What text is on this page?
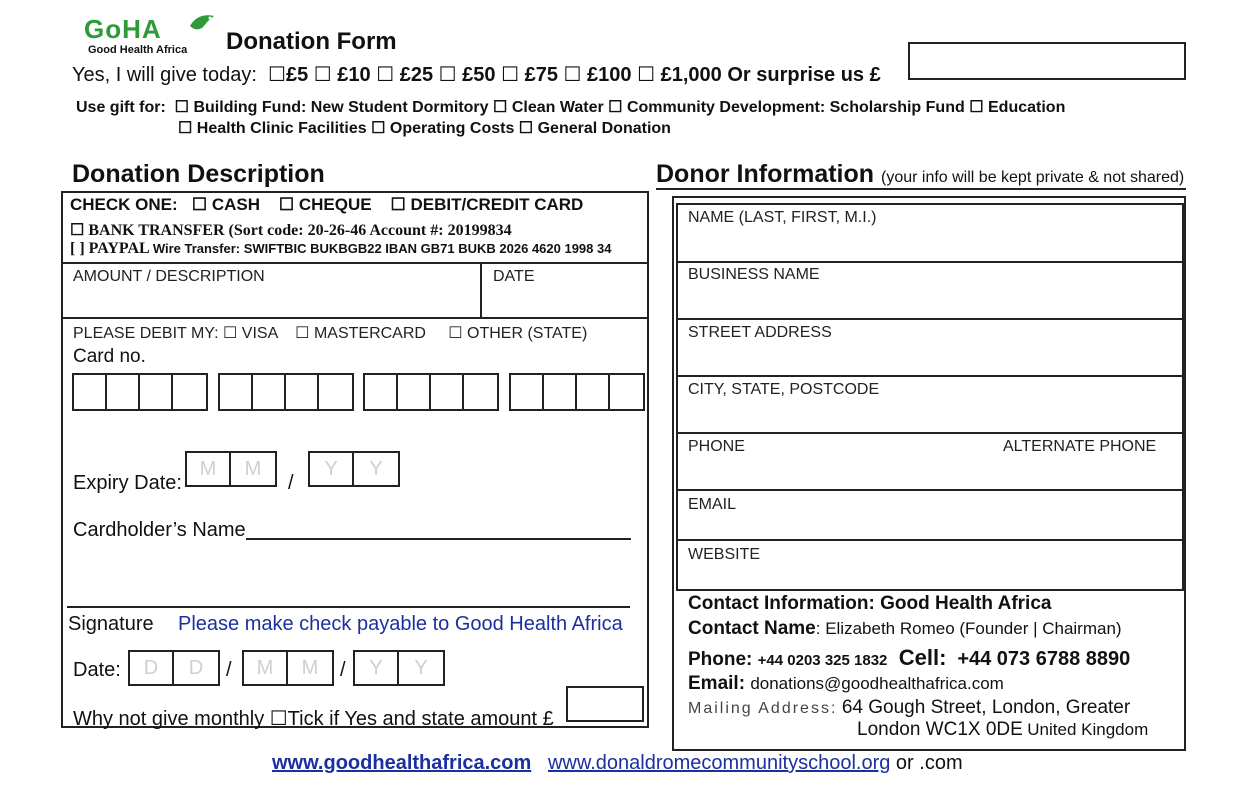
GoHA
Good Health Africa Donation Form
Yes, I will give today:  ☐£5 ☐ £10 ☐ £25 ☐ £50 ☐ £75 ☐ £100 ☐ £1,000 Or surprise us £
Use gift for:  ☐ Building Fund: New Student Dormitory ☐ Clean Water ☐ Community Development: Scholarship Fund ☐ Education
☐ Health Clinic Facilities ☐ Operating Costs ☐ General Donation
Donation Description	Donor Information (your info will be kept private & not shared)
CHECK ONE:   ☐ CASH    ☐ CHEQUE    ☐ DEBIT/CREDIT CARD
☐ BANK TRANSFER (Sort code: 20-26-46 Account #: 20199834
[ ] PAYPAL Wire Transfer: SWIFTBIC BUKBGB22 IBAN GB71 BUKB 2026 4620 1998 34
AMOUNT / DESCRIPTION	DATE
PLEASE DEBIT MY: ☐ VISA    ☐ MASTERCARD     ☐ OTHER (STATE)
Card no.
Expiry Date:
M	M
/
Y	Y
Cardholder’s Name
Signature Please make check payable to Good Health Africa
Date:	D	D	/	M	M	/	Y	Y
Why not give monthly ☐Tick if Yes and state amount £
NAME (LAST, FIRST, M.I.)
BUSINESS NAME
STREET ADDRESS
CITY, STATE, POSTCODE
PHONE	ALTERNATE PHONE
EMAIL
WEBSITE
Contact Information: Good Health Africa
Contact Name: Elizabeth Romeo (Founder | Chairman)
Phone: +44 0203 325 1832 Cell: +44 073 6788 8890
Email: donations@goodhealthafrica.com
Mailing Address: 64 Gough Street, London, Greater
London WC1X 0DE United Kingdom
www.goodhealthafrica.com www.donaldromecommunityschool.org or .com
